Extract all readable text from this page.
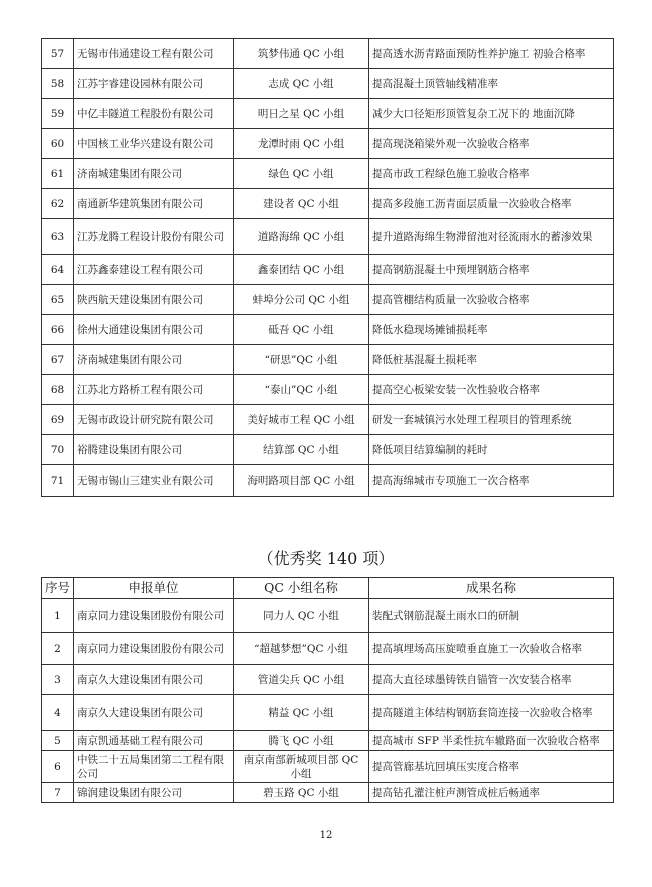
57	无锡市伟通建设工程有限公司	筑梦伟通 QC 小组	提高透水沥青路面预防性养护施工 初验合格率
58	江苏宇睿建设园林有限公司	志成 QC 小组	提高混凝土顶管轴线精准率
59	中亿丰隧道工程股份有限公司	明日之星 QC 小组	减少大口径矩形顶管复杂工况下的 地面沉降
60	中国核工业华兴建设有限公司	龙潭时雨 QC 小组	提高现浇箱梁外观一次验收合格率
61	济南城建集团有限公司	绿色 QC 小组	提高市政工程绿色施工验收合格率
62	南通新华建筑集团有限公司	建设者 QC 小组	提高多段施工沥青面层质量一次验收合格率
63	江苏龙腾工程设计股份有限公司	道路海绵 QC 小组	提升道路海绵生物滞留池对径流雨水的蓄渗效果
64	江苏鑫泰建设工程有限公司	鑫泰团结 QC 小组	提高钢筋混凝土中预埋钢筋合格率
65	陕西航天建设集团有限公司	蚌埠分公司 QC 小组	提高管棚结构质量一次验收合格率
66	徐州大通建设集团有限公司	砥吾 QC 小组	降低水稳现场摊铺损耗率
67	济南城建集团有限公司	“研思”QC 小组	降低桩基混凝土损耗率
68	江苏北方路桥工程有限公司	“泰山”QC 小组	提高空心板梁安装一次性验收合格率
69	无锡市政设计研究院有限公司	美好城市工程 QC 小组	研发一套城镇污水处理工程项目的管理系统
70	裕腾建设集团有限公司	结算部 QC 小组	降低项目结算编制的耗时
71	无锡市锡山三建实业有限公司	海明路项目部 QC 小组	提高海绵城市专项施工一次合格率
（优秀奖 140 项）
序号	申报单位	QC 小组名称	成果名称
1	南京同力建设集团股份有限公司	同力人 QC 小组	装配式钢筋混凝土雨水口的研制
2	南京同力建设集团股份有限公司	“超越梦想”QC 小组	提高填埋场高压旋喷垂直施工一次验收合格率
3	南京久大建设集团有限公司	管道尖兵 QC 小组	提高大直径球墨铸铁自锚管一次安装合格率
4	南京久大建设集团有限公司	精益 QC 小组	提高隧道主体结构钢筋套筒连接一次验收合格率
5	南京凯通基础工程有限公司	腾飞 QC 小组	提高城市 SFP 半柔性抗车辙路面一次验收合格率
6	中铁二十五局集团第二工程有限公司	南京南部新城项目部 QC 小组	提高管廊基坑回填压实度合格率
7	锦润建设集团有限公司	碧玉路 QC 小组	提高钻孔灌注桩声测管成桩后畅通率
12
